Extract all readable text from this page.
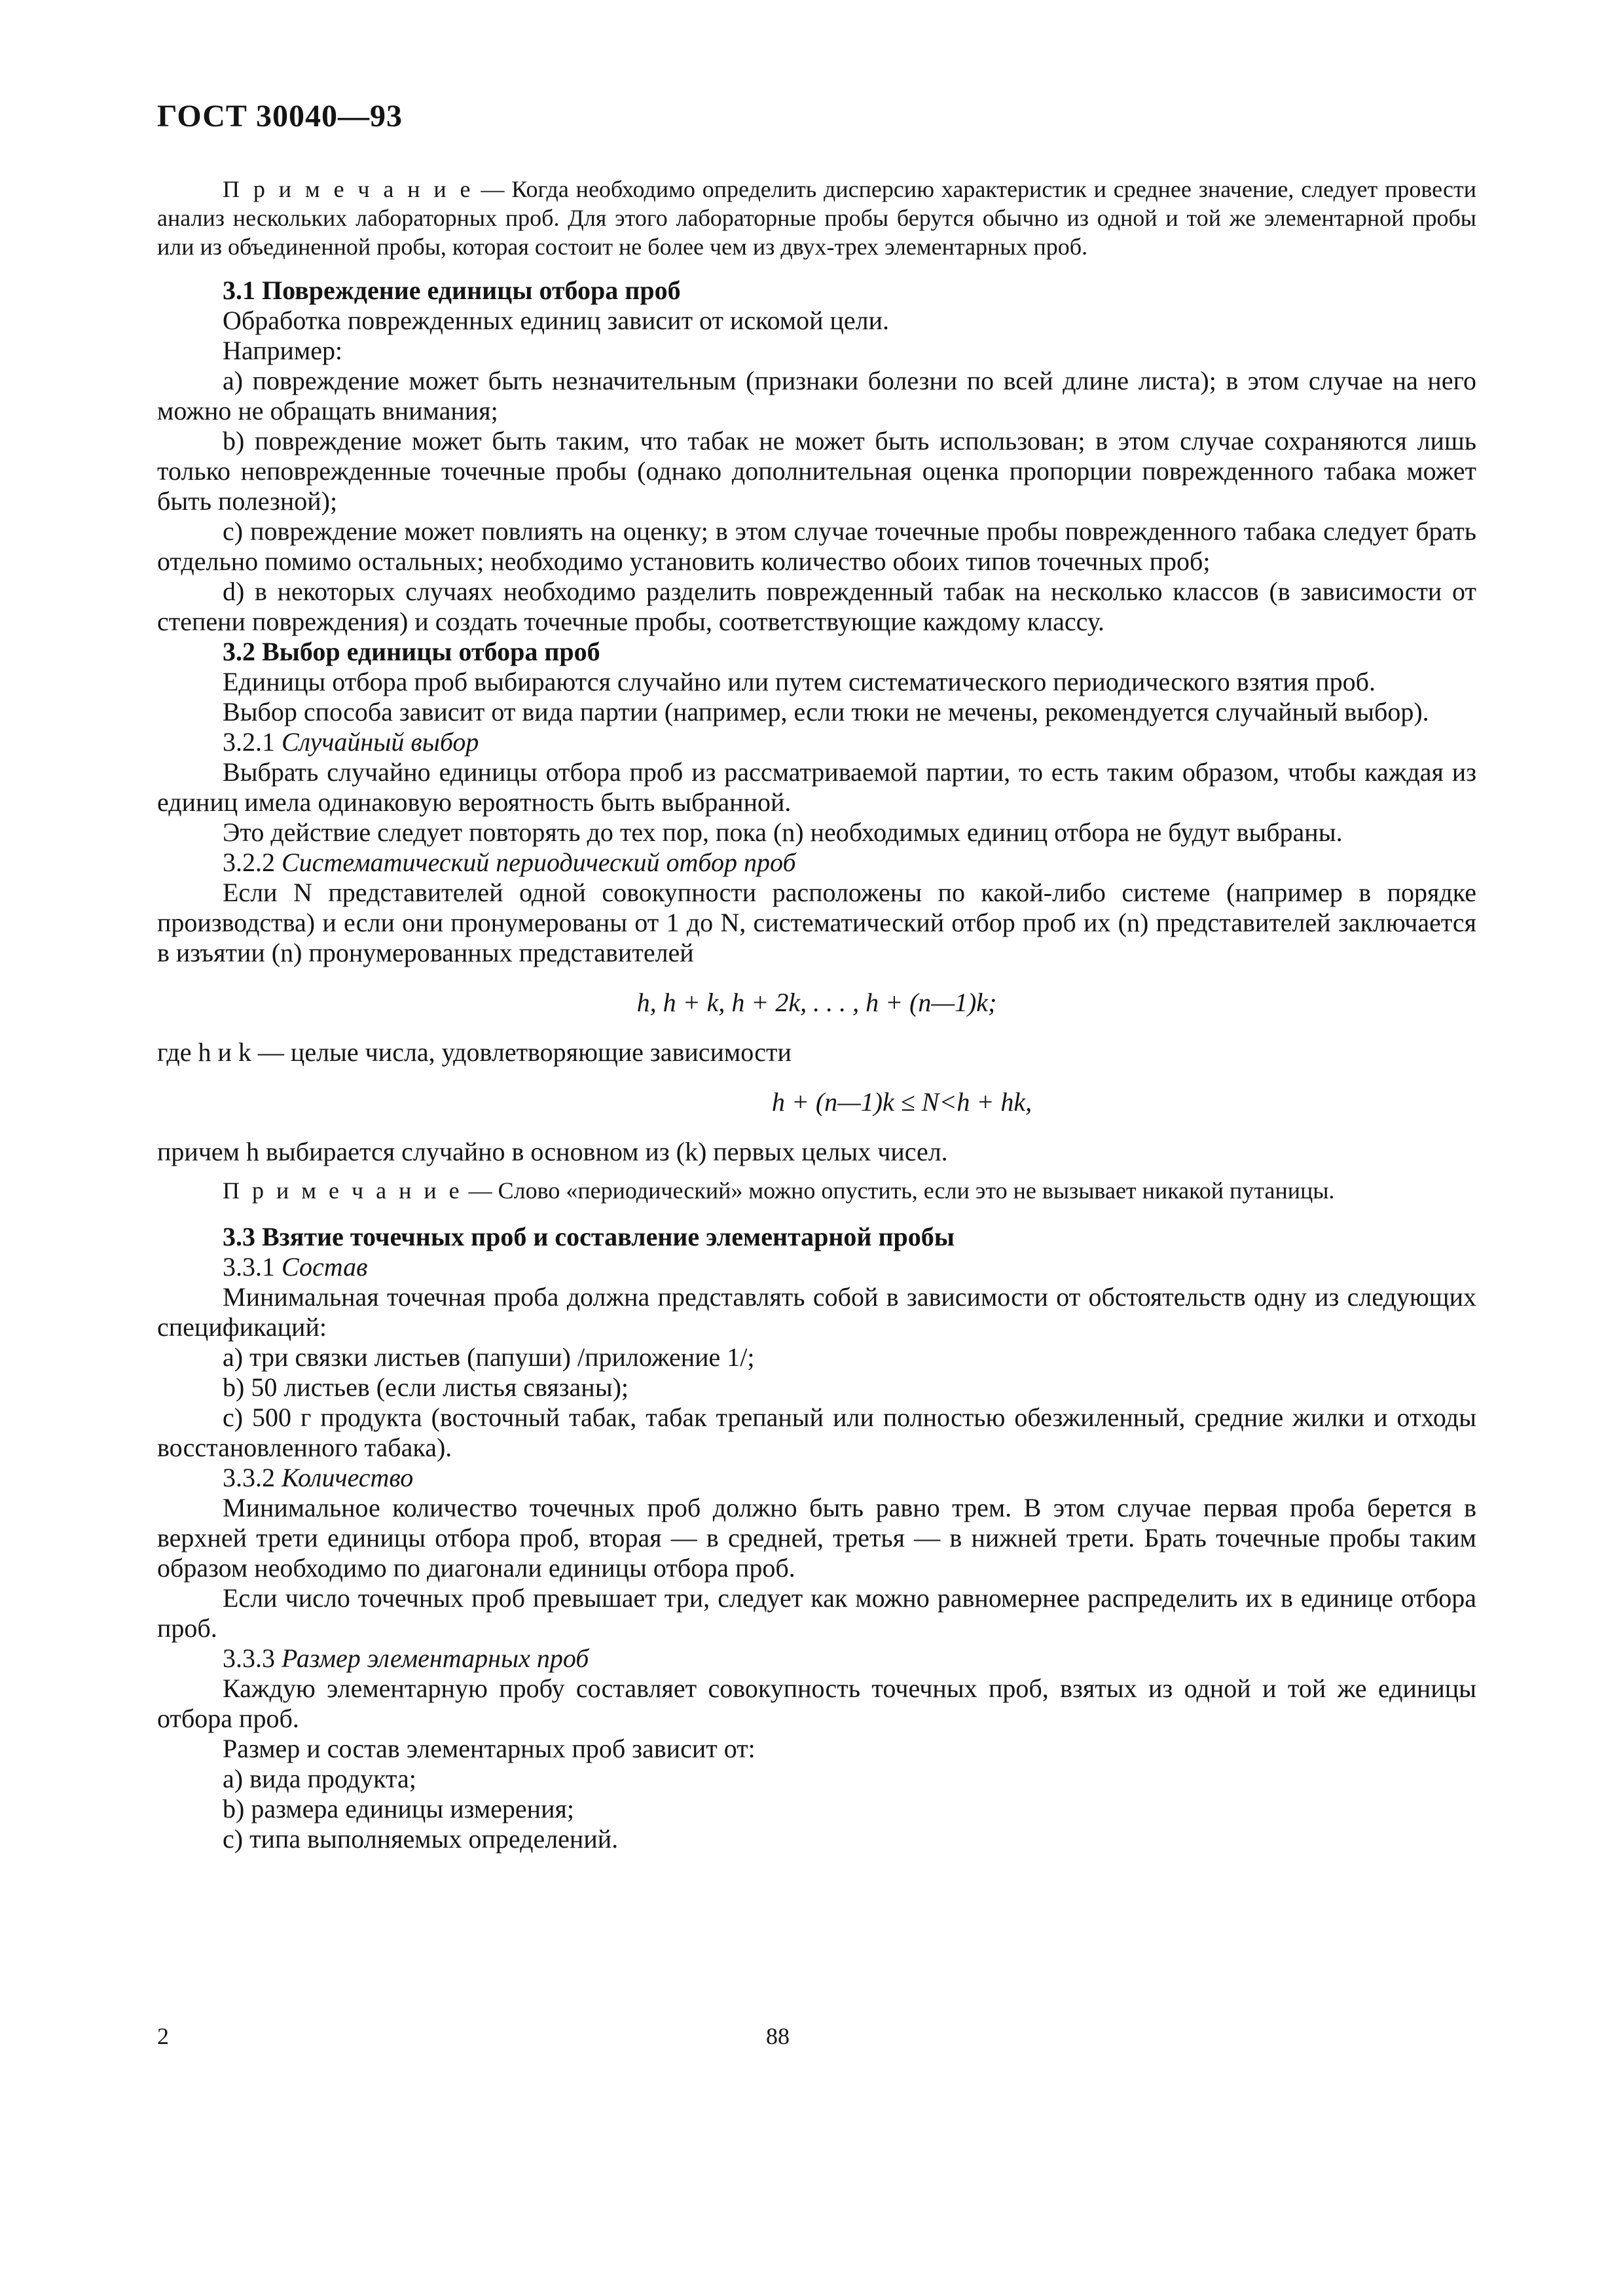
ГОСТ 30040—93

П р и м е ч а н и е — Когда необходимо определить дисперсию характеристик и среднее значение, следует провести анализ нескольких лабораторных проб. Для этого лабораторные пробы берутся обычно из одной и той же элементарной пробы или из объединенной пробы, которая состоит не более чем из двух-трех элементарных проб.

3.1 Повреждение единицы отбора проб

Обработка поврежденных единиц зависит от искомой цели.

Например:

а) повреждение может быть незначительным (признаки болезни по всей длине листа); в этом случае на него можно не обращать внимания;

b) повреждение может быть таким, что табак не может быть использован; в этом случае сохраняются лишь только неповрежденные точечные пробы (однако дополнительная оценка пропорции поврежденного табака может быть полезной);

с) повреждение может повлиять на оценку; в этом случае точечные пробы поврежденного табака следует брать отдельно помимо остальных; необходимо установить количество обоих типов точечных проб;

d) в некоторых случаях необходимо разделить поврежденный табак на несколько классов (в зависимости от степени повреждения) и создать точечные пробы, соответствующие каждому классу.

3.2 Выбор единицы отбора проб

Единицы отбора проб выбираются случайно или путем систематического периодического взятия проб.

Выбор способа зависит от вида партии (например, если тюки не мечены, рекомендуется случайный выбор).

3.2.1 Случайный выбор

Выбрать случайно единицы отбора проб из рассматриваемой партии, то есть таким образом, чтобы каждая из единиц имела одинаковую вероятность быть выбранной.

Это действие следует повторять до тех пор, пока (n) необходимых единиц отбора не будут выбраны.

3.2.2 Систематический периодический отбор проб

Если N представителей одной совокупности расположены по какой-либо системе (например в порядке производства) и если они пронумерованы от 1 до N, систематический отбор проб их (n) представителей заключается в изъятии (n) пронумерованных представителей

h, h + k, h + 2k, . . . , h + (n—1)k;

где h и k — целые числа, удовлетворяющие зависимости

h + (n—1)k ≤ N<h + hk,

причем h выбирается случайно в основном из (k) первых целых чисел.

П р и м е ч а н и е — Слово «периодический» можно опустить, если это не вызывает никакой путаницы.

3.3 Взятие точечных проб и составление элементарной пробы

3.3.1 Состав

Минимальная точечная проба должна представлять собой в зависимости от обстоятельств одну из следующих спецификаций:

а) три связки листьев (папуши) /приложение 1/;

b) 50 листьев (если листья связаны);

с) 500 г продукта (восточный табак, табак трепаный или полностью обезжиленный, средние жилки и отходы восстановленного табака).

3.3.2 Количество

Минимальное количество точечных проб должно быть равно трем. В этом случае первая проба берется в верхней трети единицы отбора проб, вторая — в средней, третья — в нижней трети. Брать точечные пробы таким образом необходимо по диагонали единицы отбора проб.

Если число точечных проб превышает три, следует как можно равномернее распределить их в единице отбора проб.

3.3.3 Размер элементарных проб

Каждую элементарную пробу составляет совокупность точечных проб, взятых из одной и той же единицы отбора проб.

Размер и состав элементарных проб зависит от:

а) вида продукта;

b) размера единицы измерения;

с) типа выполняемых определений.

2	88
